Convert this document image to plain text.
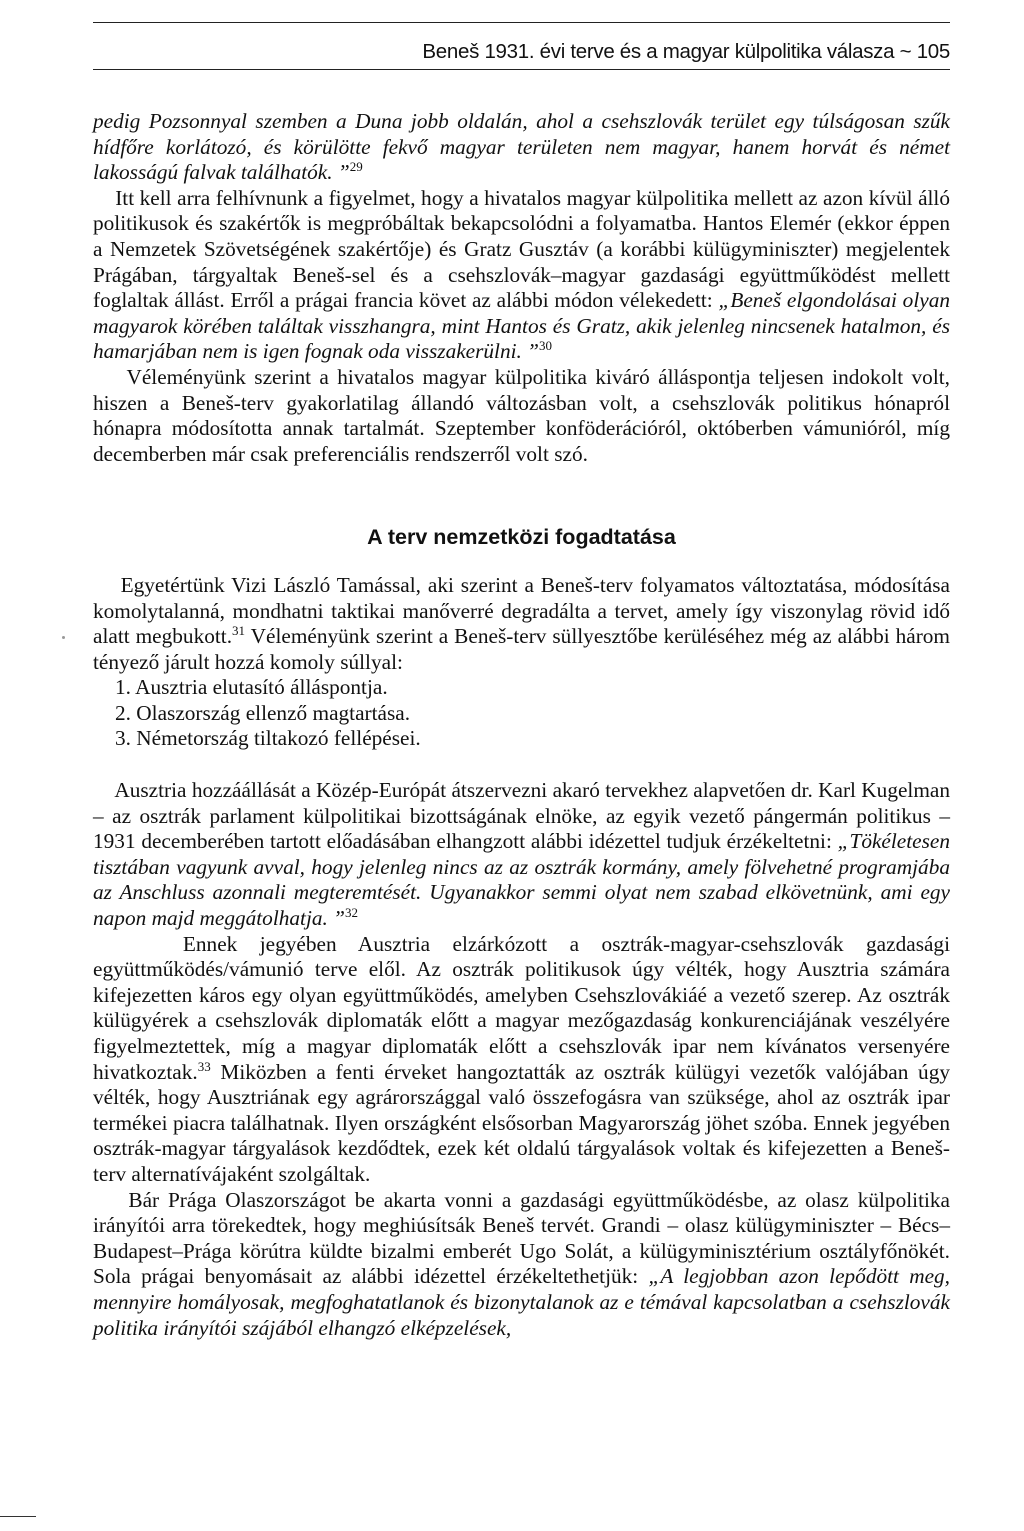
Beneš 1931. évi terve és a magyar külpolitika válasza ~ 105

pedig Pozsonnyal szemben a Duna jobb oldalán, ahol a csehszlovák terület egy túlságosan szűk hídfőre korlátozó, és körülötte fekvő magyar területen nem magyar, hanem horvát és német lakosságú falvak találhatók. ”$^{29}$

Itt kell arra felhívnunk a figyelmet, hogy a hivatalos magyar külpolitika mellett az azon kívül álló politikusok és szakértők is megpróbáltak bekapcsolódni a folyamatba. Hantos Elemér (ekkor éppen a Nemzetek Szövetségének szakértője) és Gratz Gusztáv (a korábbi külügyminiszter) megjelentek Prágában, tárgyaltak Beneš-sel és a csehszlovák–magyar gazdasági együttműködést mellett foglaltak állást. Erről a prágai francia követ az alábbi módon vélekedett: „Beneš elgondolásai olyan magyarok körében találtak visszhangra, mint Hantos és Gratz, akik jelenleg nincsenek hatalmon, és hamarjában nem is igen fognak oda visszakerülni. ”$^{30}$

Véleményünk szerint a hivatalos magyar külpolitika kiváró álláspontja teljesen indokolt volt, hiszen a Beneš-terv gyakorlatilag állandó változásban volt, a csehszlovák politikus hónapról hónapra módosította annak tartalmát. Szeptember konföderációról, októberben vámunióról, míg decemberben már csak preferenciális rendszerről volt szó.

A terv nemzetközi fogadtatása

Egyetértünk Vizi László Tamással, aki szerint a Beneš-terv folyamatos változtatása, módosítása komolytalanná, mondhatni taktikai manőverré degradálta a tervet, amely így viszonylag rövid idő alatt megbukott.$^{31}$ Véleményünk szerint a Beneš-terv süllyesztőbe kerüléséhez még az alábbi három tényező járult hozzá komoly súllyal:

1. Ausztria elutasító álláspontja.
2. Olaszország ellenző magtartása.
3. Németország tiltakozó fellépései.

Ausztria hozzáállását a Közép-Európát átszervezni akaró tervekhez alapvetően dr. Karl Kugelman – az osztrák parlament külpolitikai bizottságának elnöke, az egyik vezető pángermán politikus – 1931 decemberében tartott előadásában elhangzott alábbi idézettel tudjuk érzékeltetni: „Tökéletesen tisztában vagyunk avval, hogy jelenleg nincs az az osztrák kormány, amely fölvehetné programjába az Anschluss azonnali megteremtését. Ugyanakkor semmi olyat nem szabad elkövetnünk, ami egy napon majd meggátolhatja. ”$^{32}$

Ennek jegyében Ausztria elzárkózott a osztrák-magyar-csehszlovák gazdasági együttműködés/vámunió terve elől. Az osztrák politikusok úgy vélték, hogy Ausztria számára kifejezetten káros egy olyan együttműködés, amelyben Csehszlovákiáé a vezető szerep. Az osztrák külügyérek a csehszlovák diplomaták előtt a magyar mezőgazdaság konkurenciájának veszélyére figyelmeztettek, míg a magyar diplomaták előtt a csehszlovák ipar nem kívánatos versenyére hivatkoztak.$^{33}$ Miközben a fenti érveket hangoztatták az osztrák külügyi vezetők valójában úgy vélték, hogy Ausztriának egy agrárországgal való összefogásra van szüksége, ahol az osztrák ipar termékei piacra találhatnak. Ilyen országként elsősorban Magyarország jöhet szóba. Ennek jegyében osztrák-magyar tárgyalások kezdődtek, ezek két oldalú tárgyalások voltak és kifejezetten a Beneš-terv alternatívájaként szolgáltak.

Bár Prága Olaszországot be akarta vonni a gazdasági együttműködésbe, az olasz külpolitika irányítói arra törekedtek, hogy meghiúsítsák Beneš tervét. Grandi – olasz külügyminiszter – Bécs–Budapest–Prága körútra küldte bizalmi emberét Ugo Solát, a külügyminisztérium osztályfőnökét. Sola prágai benyomásait az alábbi idézettel érzékeltethetjük: „A legjobban azon lepődött meg, mennyire homályosak, megfoghatatlanok és bizonytalanok az e témával kapcsolatban a csehszlovák politika irányítói szájából elhangzó elképzelések,
